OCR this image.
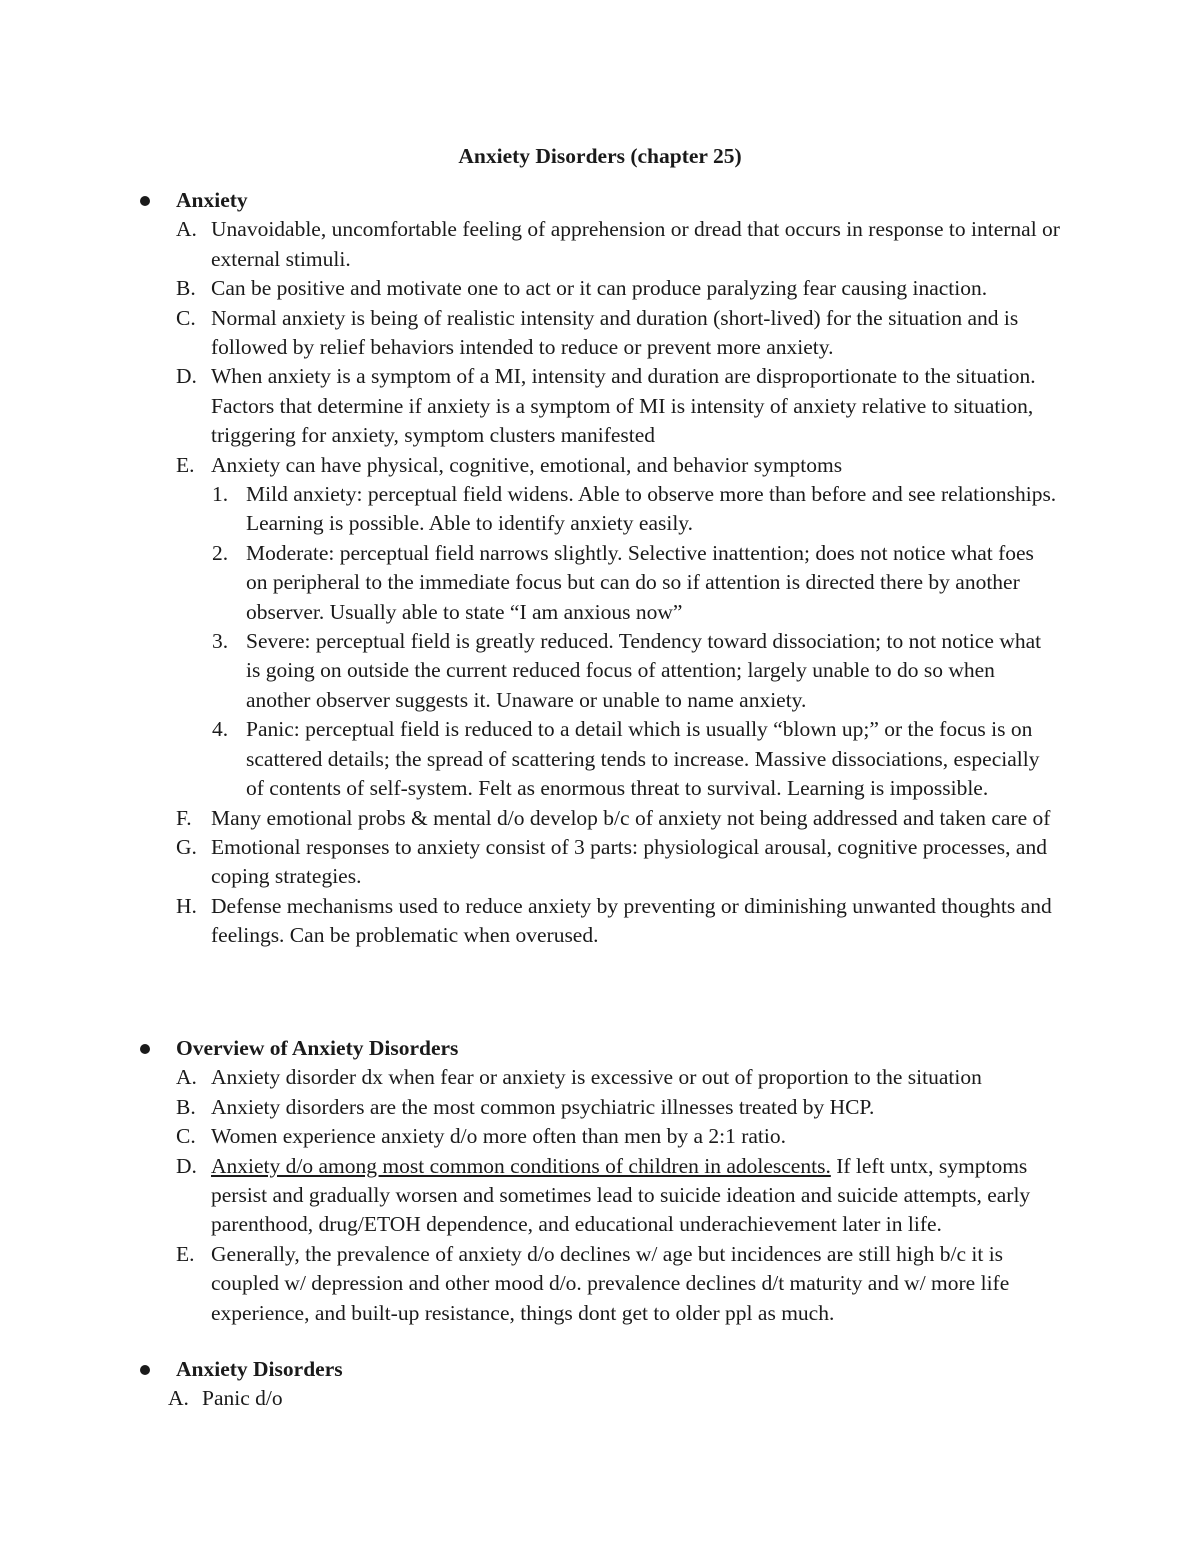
Anxiety Disorders (chapter 25)
Anxiety
A. Unavoidable, uncomfortable feeling of apprehension or dread that occurs in response to internal or external stimuli.
B. Can be positive and motivate one to act or it can produce paralyzing fear causing inaction.
C. Normal anxiety is being of realistic intensity and duration (short-lived) for the situation and is followed by relief behaviors intended to reduce or prevent more anxiety.
D. When anxiety is a symptom of a MI, intensity and duration are disproportionate to the situation. Factors that determine if anxiety is a symptom of MI is intensity of anxiety relative to situation, triggering for anxiety, symptom clusters manifested
E. Anxiety can have physical, cognitive, emotional, and behavior symptoms
1. Mild anxiety: perceptual field widens. Able to observe more than before and see relationships. Learning is possible. Able to identify anxiety easily.
2. Moderate: perceptual field narrows slightly. Selective inattention; does not notice what foes on peripheral to the immediate focus but can do so if attention is directed there by another observer. Usually able to state “I am anxious now”
3. Severe: perceptual field is greatly reduced. Tendency toward dissociation; to not notice what is going on outside the current reduced focus of attention; largely unable to do so when another observer suggests it. Unaware or unable to name anxiety.
4. Panic: perceptual field is reduced to a detail which is usually “blown up;” or the focus is on scattered details; the spread of scattering tends to increase. Massive dissociations, especially of contents of self-system. Felt as enormous threat to survival. Learning is impossible.
F. Many emotional probs & mental d/o develop b/c of anxiety not being addressed and taken care of
G. Emotional responses to anxiety consist of 3 parts: physiological arousal, cognitive processes, and coping strategies.
H. Defense mechanisms used to reduce anxiety by preventing or diminishing unwanted thoughts and feelings. Can be problematic when overused.
Overview of Anxiety Disorders
A. Anxiety disorder dx when fear or anxiety is excessive or out of proportion to the situation
B. Anxiety disorders are the most common psychiatric illnesses treated by HCP.
C. Women experience anxiety d/o more often than men by a 2:1 ratio.
D. Anxiety d/o among most common conditions of children in adolescents. If left untx, symptoms persist and gradually worsen and sometimes lead to suicide ideation and suicide attempts, early parenthood, drug/ETOH dependence, and educational underachievement later in life.
E. Generally, the prevalence of anxiety d/o declines w/ age but incidences are still high b/c it is coupled w/ depression and other mood d/o. prevalence declines d/t maturity and w/ more life experience, and built-up resistance, things dont get to older ppl as much.
Anxiety Disorders
A. Panic d/o
